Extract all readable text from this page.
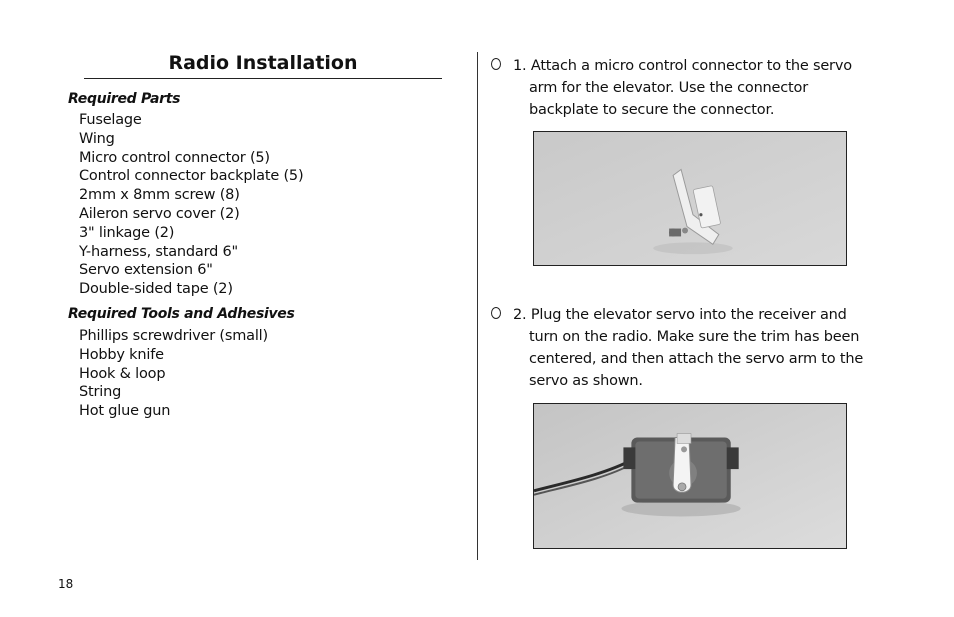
Radio Installation
Required Parts
Fuselage
Wing
Micro control connector (5)
Control connector backplate (5)
2mm x 8mm screw (8)
Aileron servo cover (2)
3" linkage (2)
Y-harness, standard 6"
Servo extension 6"
Double-sided tape (2)
Required Tools and Adhesives
Phillips screwdriver (small)
Hobby knife
Hook & loop
String
Hot glue gun

1. Attach a micro control connector to the servo arm for the elevator. Use the connector backplate to secure the connector.

2. Plug the elevator servo into the receiver and turn on the radio. Make sure the trim has been centered, and then attach the servo arm to the servo as shown.

18
